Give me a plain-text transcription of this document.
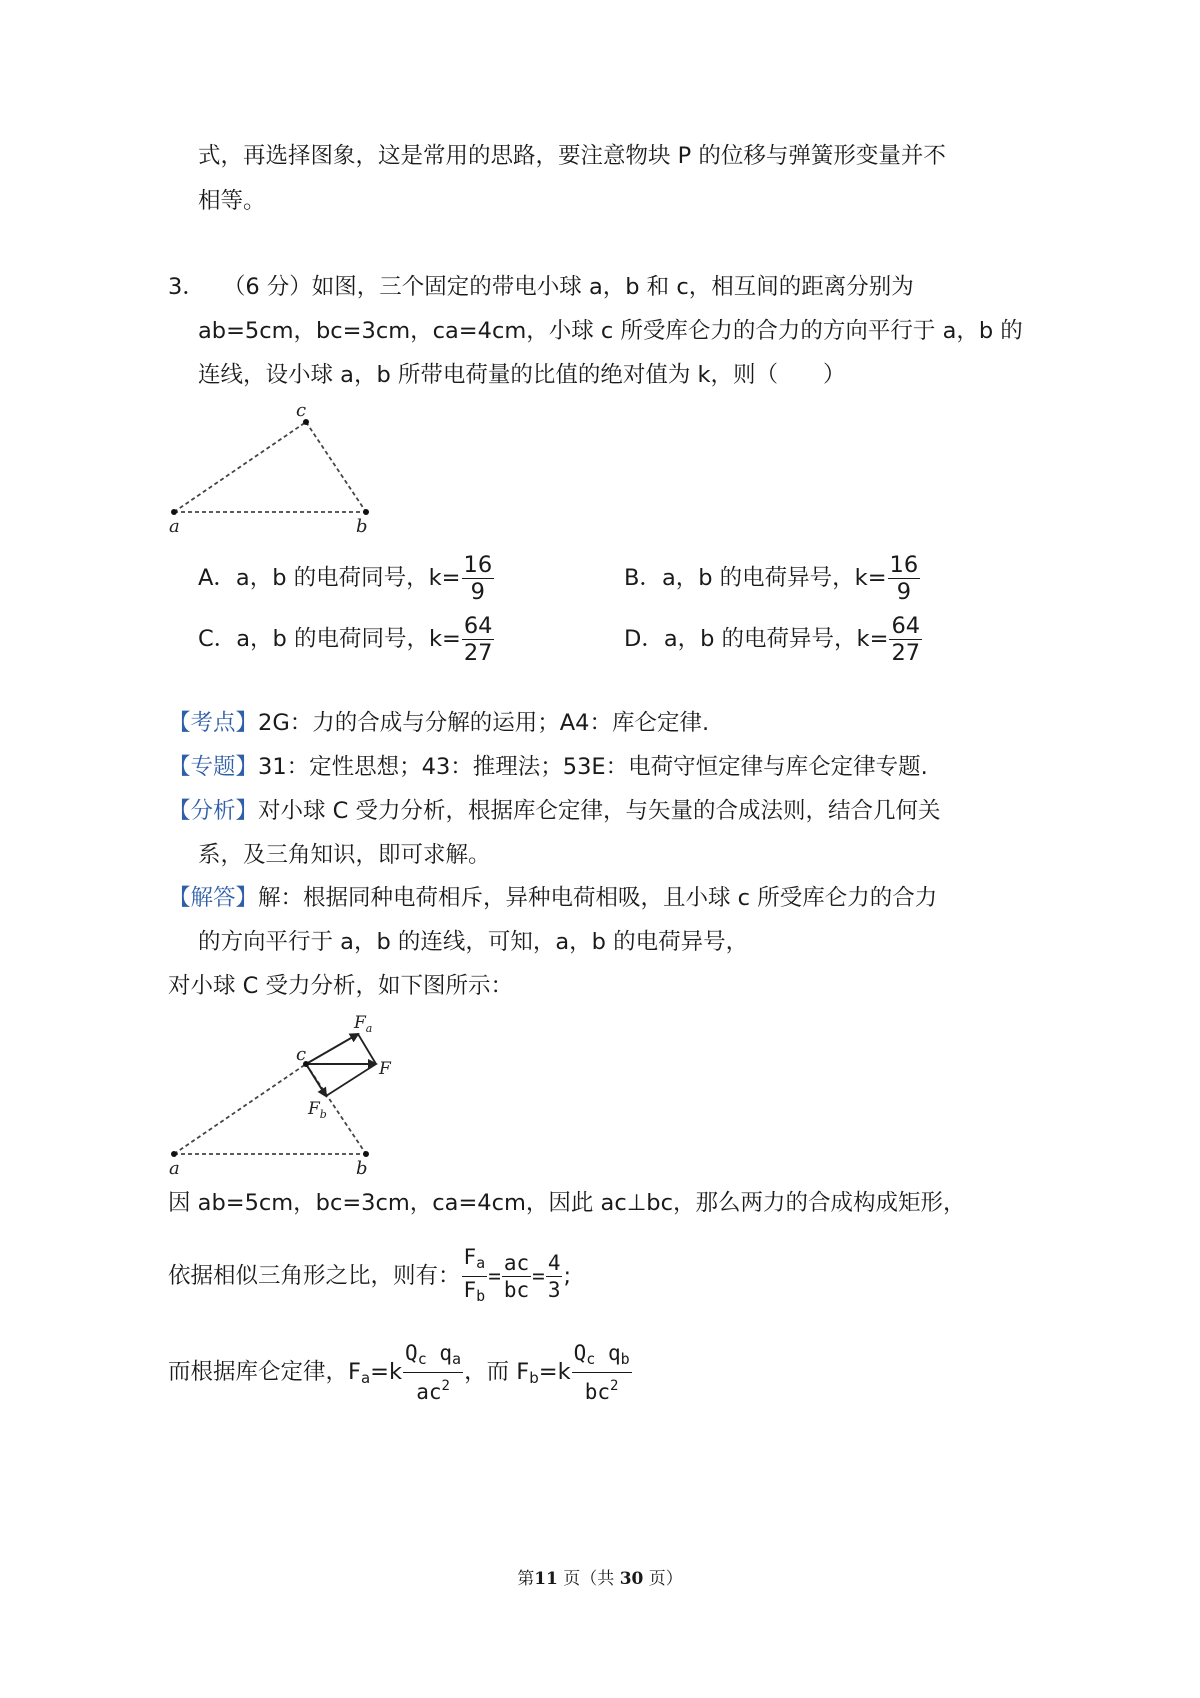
式，再选择图象，这是常用的思路，要注意物块 P 的位移与弹簧形变量并不
相等。
3． （6 分）如图，三个固定的带电小球 a，b 和 c，相互间的距离分别为
ab=5cm，bc=3cm，ca=4cm，小球 c 所受库仑力的合力的方向平行于 a，b 的
连线，设小球 a，b 所带电荷量的比值的绝对值为 k，则（　　）
a	b
c
A．a，b 的电荷同号，$k= \frac{16}{9}$	B．a，b 的电荷异号，$k= \frac{16}{9}$
C．a，b 的电荷同号，$k= \frac{64}{27}$	D．a，b 的电荷异号，$k= \frac{64}{27}$
【考点】2G：力的合成与分解的运用；A4：库仑定律.
【专题】31：定性思想；43：推理法；53E：电荷守恒定律与库仑定律专题.
【分析】对小球 C 受力分析，根据库仑定律，与矢量的合成法则，结合几何关
系，及三角知识，即可求解。
【解答】解：根据同种电荷相斥，异种电荷相吸，且小球 c 所受库仑力的合力
的方向平行于 a，b 的连线，可知，a，b 的电荷异号，
对小球 C 受力分析，如下图所示：
a	b
c
$F_a$
$F_b$
F
因 ab=5cm，bc=3cm，ca=4cm，因此 ac⊥bc，那么两力的合成构成矩形，
依据相似三角形之比，则有： $\frac{F_a}{F_b} = \frac{ac}{bc} = \frac{4}{3}$ ;
而根据库仑定律，$F_a=k \frac{Q_c q_a}{ac^2}$ ，而 $F_b=k \frac{Q_c q_b}{bc^2}$
第11 页（共 30 页）
